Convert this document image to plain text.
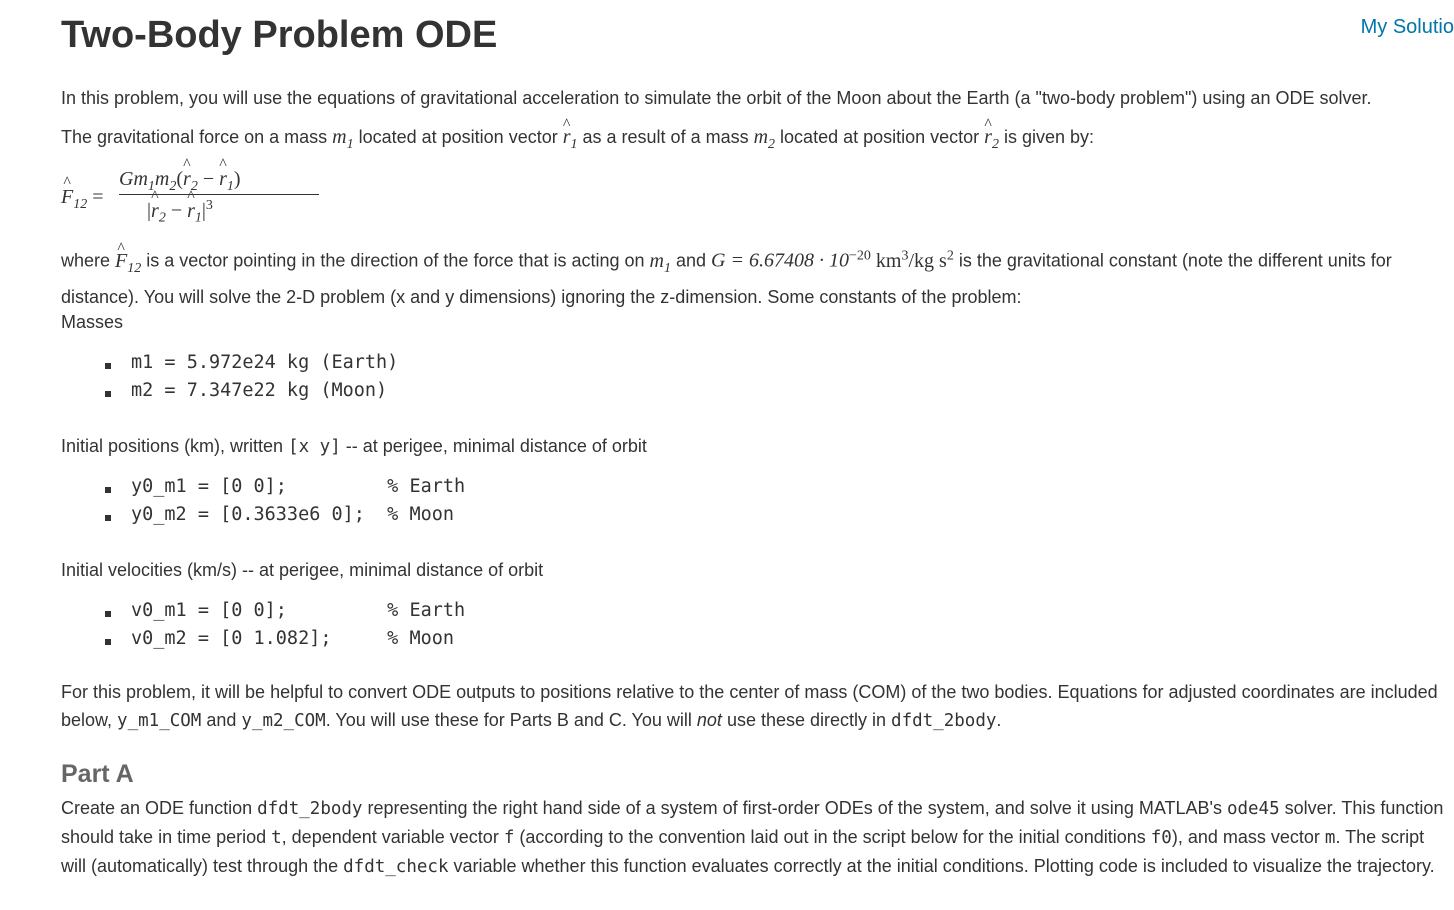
Two-Body Problem ODE	My Solutio
In this problem, you will use the equations of gravitational acceleration to simulate the orbit of the Moon about the Earth (a "two-body problem") using an ODE solver.
The gravitational force on a mass $m_1$ located at position vector ^ $r_1$ as a result of a mass $m_2$ located at position vector ^ $r_2$ is given by:
^ $F_{12}$ =
$Gm_1m_2(\^{}$ $r_2$ − ^ $r_1$)
|^ $r_2$ − ^ $r_1|^3$
where ^ $F_{12}$ is a vector pointing in the direction of the force that is acting on $m_1$ and $G = 6.67408 \cdot 10^{-20}$ $km^3/kg$ $s^2$ is the gravitational constant (note the different units for distance). You will solve the 2-D problem (x and y dimensions) ignoring the z-dimension. Some constants of the problem:
Masses
m1 = 5.972e24 kg (Earth)
m2 = 7.347e22 kg (Moon)
Initial positions (km), written [x y] -- at perigee, minimal distance of orbit
y0_m1 = [0 0];         % Earth
y0_m2 = [0.3633e6 0];  % Moon
Initial velocities (km/s) -- at perigee, minimal distance of orbit
v0_m1 = [0 0];         % Earth
v0_m2 = [0 1.082];     % Moon
For this problem, it will be helpful to convert ODE outputs to positions relative to the center of mass (COM) of the two bodies. Equations for adjusted coordinates are included below, y_m1_COM and y_m2_COM. You will use these for Parts B and C. You will not use these directly in dfdt_2body.
Part A
Create an ODE function dfdt_2body representing the right hand side of a system of first-order ODEs of the system, and solve it using MATLAB's ode45 solver. This function should take in time period t, dependent variable vector f (according to the convention laid out in the script below for the initial conditions f0), and mass vector m. The script will (automatically) test through the dfdt_check variable whether this function evaluates correctly at the initial conditions. Plotting code is included to visualize the trajectory.
